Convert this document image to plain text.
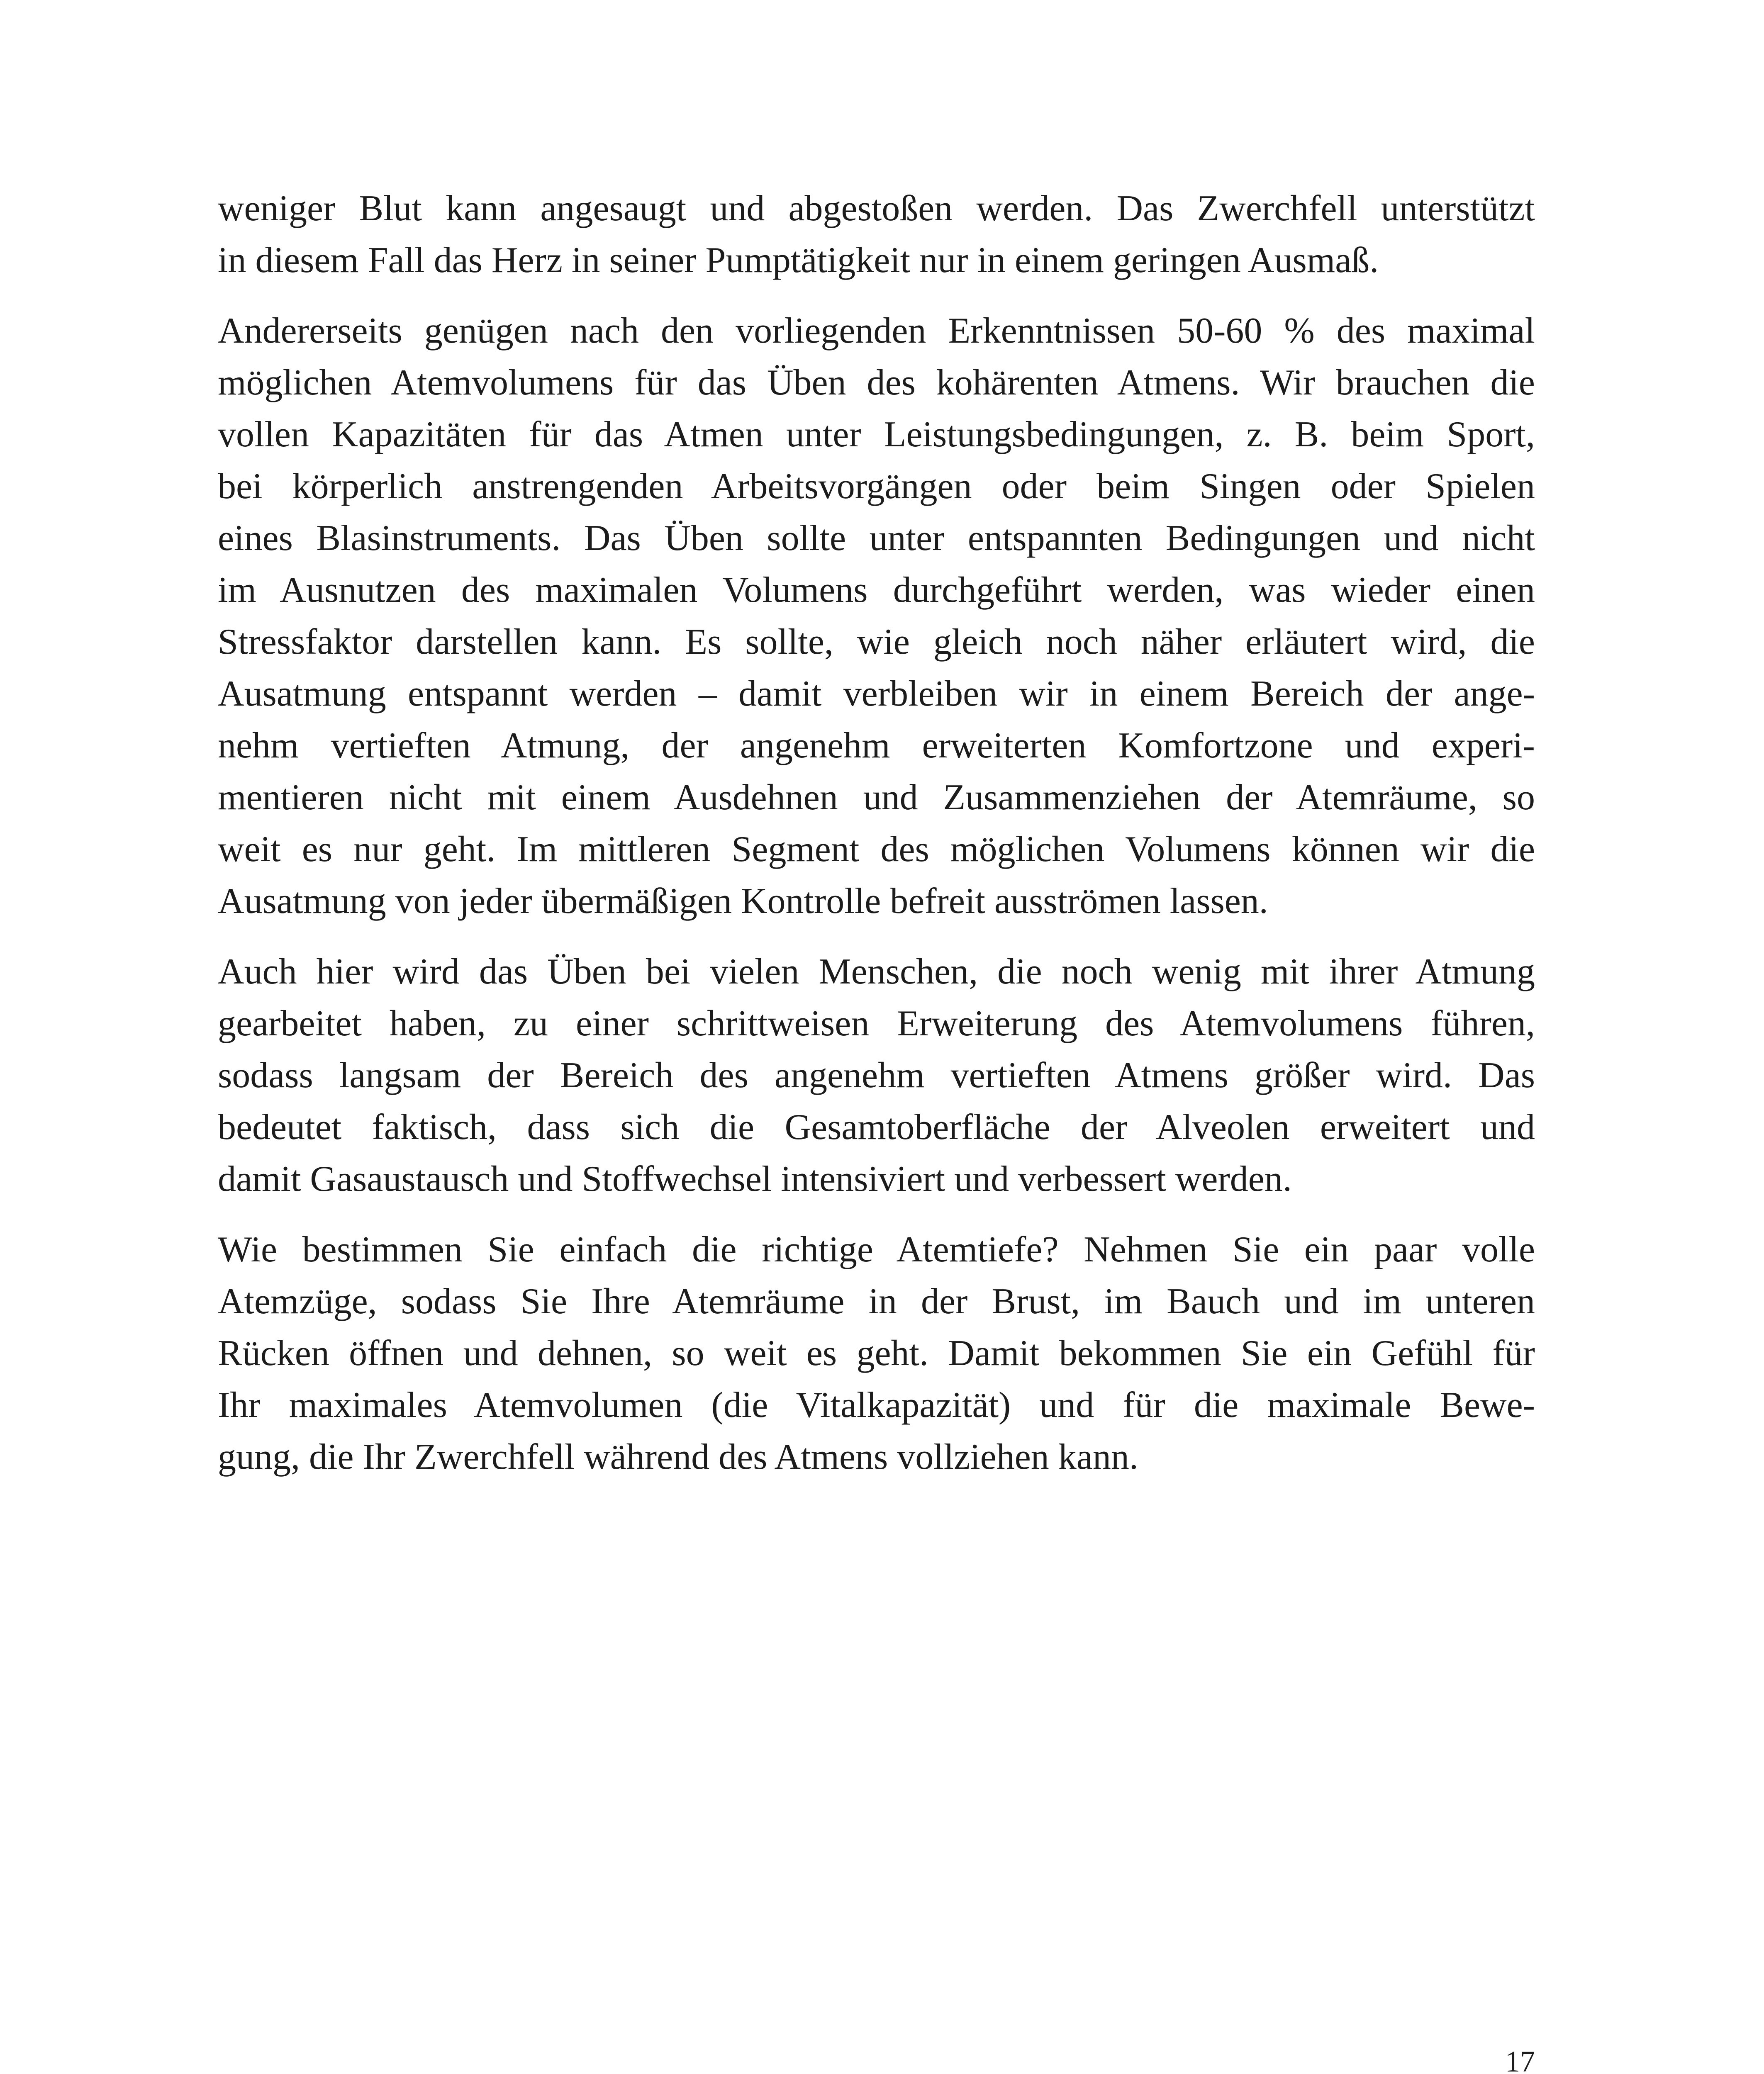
weniger Blut kann angesaugt und abgestoßen werden. Das Zwerchfell unterstützt
in diesem Fall das Herz in seiner Pumptätigkeit nur in einem geringen Ausmaß.

Andererseits genügen nach den vorliegenden Erkenntnissen 50-60 % des maximal
möglichen Atemvolumens für das Üben des kohärenten Atmens. Wir brauchen die
vollen Kapazitäten für das Atmen unter Leistungsbedingungen, z. B. beim Sport,
bei körperlich anstrengenden Arbeitsvorgängen oder beim Singen oder Spielen
eines Blasinstruments. Das Üben sollte unter entspannten Bedingungen und nicht
im Ausnutzen des maximalen Volumens durchgeführt werden, was wieder einen
Stressfaktor darstellen kann. Es sollte, wie gleich noch näher erläutert wird, die
Ausatmung entspannt werden – damit verbleiben wir in einem Bereich der ange-
nehm vertieften Atmung, der angenehm erweiterten Komfortzone und experi-
mentieren nicht mit einem Ausdehnen und Zusammenziehen der Atemräume, so
weit es nur geht. Im mittleren Segment des möglichen Volumens können wir die
Ausatmung von jeder übermäßigen Kontrolle befreit ausströmen lassen.

Auch hier wird das Üben bei vielen Menschen, die noch wenig mit ihrer Atmung
gearbeitet haben, zu einer schrittweisen Erweiterung des Atemvolumens führen,
sodass langsam der Bereich des angenehm vertieften Atmens größer wird. Das
bedeutet faktisch, dass sich die Gesamtoberfläche der Alveolen erweitert und
damit Gasaustausch und Stoffwechsel intensiviert und verbessert werden.

Wie bestimmen Sie einfach die richtige Atemtiefe? Nehmen Sie ein paar volle
Atemzüge, sodass Sie Ihre Atemräume in der Brust, im Bauch und im unteren
Rücken öffnen und dehnen, so weit es geht. Damit bekommen Sie ein Gefühl für
Ihr maximales Atemvolumen (die Vitalkapazität) und für die maximale Bewe-
gung, die Ihr Zwerchfell während des Atmens vollziehen kann.

17
